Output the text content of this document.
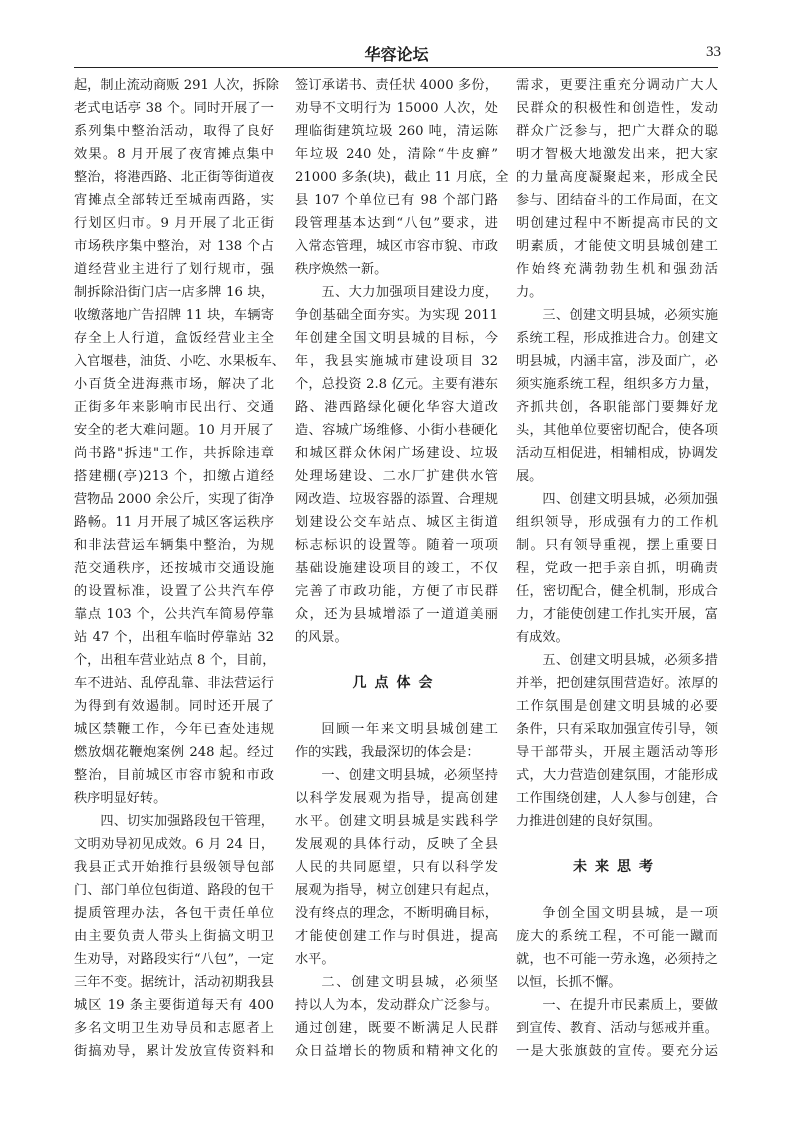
华容论坛	33
起，制止流动商贩 291 人次，拆除
老式电话亭 38 个。同时开展了一
系列集中整治活动，取得了良好
效果。8 月开展了夜宵摊点集中
整治，将港西路、北正街等街道夜
宵摊点全部转迁至城南西路，实
行划区归市。9 月开展了北正街
市场秩序集中整治，对 138 个占
道经营业主进行了划行规市，强
制拆除沿街门店一店多牌 16 块，
收缴落地广告招牌 11 块，车辆寄
存全上人行道，盒饭经营业主全
入官堰巷，油货、小吃、水果板车、
小百货全进海燕市场，解决了北
正街多年来影响市民出行、交通
安全的老大难问题。10 月开展了
尚书路"拆违"工作，共拆除违章
搭建棚(亭)213 个，扣缴占道经
营物品 2000 余公斤，实现了街净
路畅。11 月开展了城区客运秩序
和非法营运车辆集中整治，为规
范交通秩序，还按城市交通设施
的设置标准，设置了公共汽车停
靠点 103 个，公共汽车简易停靠
站 47 个，出租车临时停靠站 32
个，出租车营业站点 8 个，目前，
车不进站、乱停乱靠、非法营运行
为得到有效遏制。同时还开展了
城区禁鞭工作，今年已查处违规
燃放烟花鞭炮案例 248 起。经过
整治，目前城区市容市貌和市政
秩序明显好转。
四、切实加强路段包干管理，
文明劝导初见成效。6 月 24 日，
我县正式开始推行县级领导包部
门、部门单位包街道、路段的包干
提质管理办法，各包干责任单位
由主要负责人带头上街搞文明卫
生劝导，对路段实行“八包”，一定
三年不变。据统计，活动初期我县
城区 19 条主要街道每天有 400
多名文明卫生劝导员和志愿者上
街搞劝导，累计发放宣传资料和
签订承诺书、责任状 4000 多份，
劝导不文明行为 15000 人次，处
理临街建筑垃圾 260 吨，清运陈
年垃圾 240 处，清除“牛皮癣”
21000 多条(块)，截止 11 月底，全
县 107 个单位已有 98 个部门路
段管理基本达到“八包”要求，进
入常态管理，城区市容市貌、市政
秩序焕然一新。
五、大力加强项目建设力度，
争创基础全面夯实。为实现 2011
年创建全国文明县城的目标，今
年，我县实施城市建设项目 32
个，总投资 2.8 亿元。主要有港东
路、港西路绿化硬化华容大道改
造、容城广场维修、小街小巷硬化
和城区群众休闲广场建设、垃圾
处理场建设、二水厂扩建供水管
网改造、垃圾容器的添置、合理规
划建设公交车站点、城区主街道
标志标识的设置等。随着一项项
基础设施建设项目的竣工，不仅
完善了市政功能，方便了市民群
众，还为县城增添了一道道美丽
的风景。
几点体会
回顾一年来文明县城创建工
作的实践，我最深切的体会是：
一、创建文明县城，必须坚持
以科学发展观为指导，提高创建
水平。创建文明县城是实践科学
发展观的具体行动，反映了全县
人民的共同愿望，只有以科学发
展观为指导，树立创建只有起点，
没有终点的理念，不断明确目标，
才能使创建工作与时俱进，提高
水平。
二、创建文明县城，必须坚
持以人为本，发动群众广泛参与。
通过创建，既要不断满足人民群
众日益增长的物质和精神文化的
需求，更要注重充分调动广大人
民群众的积极性和创造性，发动
群众广泛参与，把广大群众的聪
明才智极大地激发出来，把大家
的力量高度凝聚起来，形成全民
参与、团结奋斗的工作局面，在文
明创建过程中不断提高市民的文
明素质，才能使文明县城创建工
作始终充满勃勃生机和强劲活
力。
三、创建文明县城，必须实施
系统工程，形成推进合力。创建文
明县城，内涵丰富，涉及面广，必
须实施系统工程，组织多方力量，
齐抓共创，各职能部门要舞好龙
头，其他单位要密切配合，使各项
活动互相促进，相辅相成，协调发
展。
四、创建文明县城，必须加强
组织领导，形成强有力的工作机
制。只有领导重视，摆上重要日
程，党政一把手亲自抓，明确责
任，密切配合，健全机制，形成合
力，才能使创建工作扎实开展，富
有成效。
五、创建文明县城，必须多措
并举，把创建氛围营造好。浓厚的
工作氛围是创建文明县城的必要
条件，只有采取加强宣传引导，领
导干部带头，开展主题活动等形
式，大力营造创建氛围，才能形成
工作围绕创建，人人参与创建，合
力推进创建的良好氛围。
未来思考
争创全国文明县城，是一项
庞大的系统工程，不可能一蹴而
就，也不可能一劳永逸，必须持之
以恒，长抓不懈。
一、在提升市民素质上，要做
到宣传、教育、活动与惩戒并重。
一是大张旗鼓的宣传。要充分运
